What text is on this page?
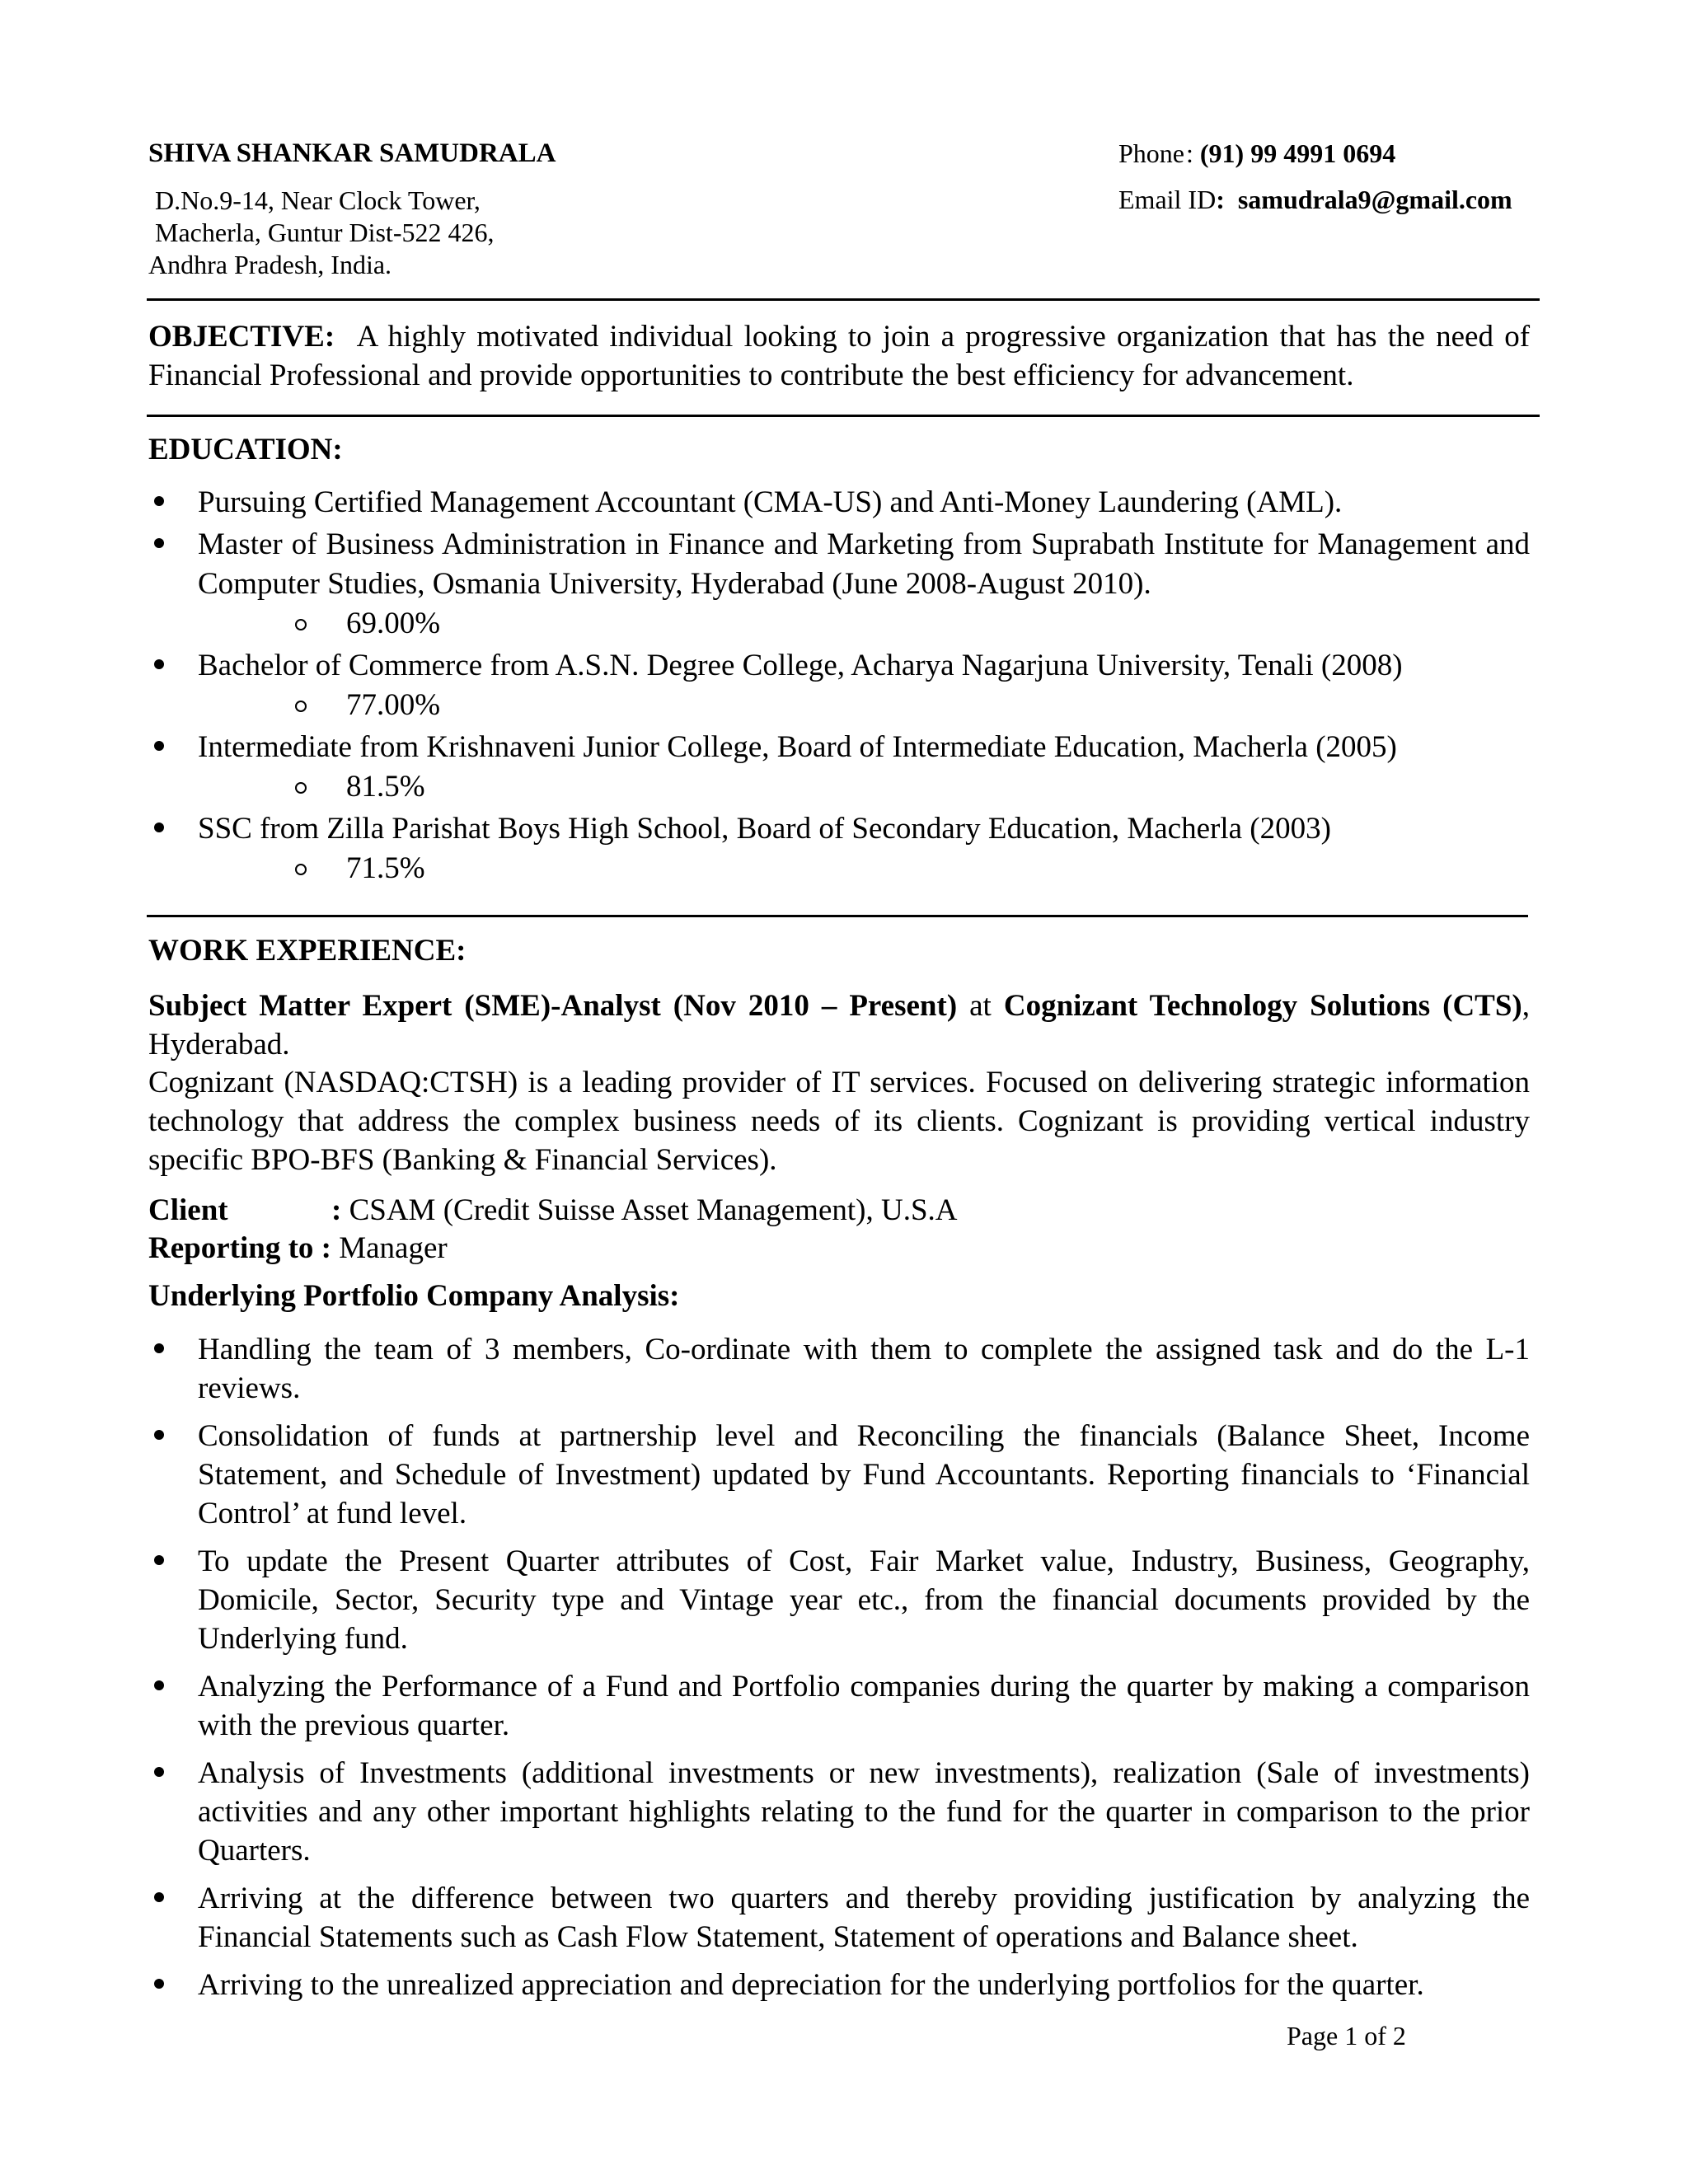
SHIVA SHANKAR SAMUDRALA
D.No.9-14, Near Clock Tower,
Macherla, Guntur Dist-522 426,
Andhra Pradesh, India.
Phone: (91) 99 4991 0694
Email ID: samudrala9@gmail.com

OBJECTIVE: A highly motivated individual looking to join a progressive organization that has the need of Financial Professional and provide opportunities to contribute the best efficiency for advancement.

EDUCATION:
Pursuing Certified Management Accountant (CMA-US) and Anti-Money Laundering (AML).
Master of Business Administration in Finance and Marketing from Suprabath Institute for Management and Computer Studies, Osmania University, Hyderabad (June 2008-August 2010).
69.00%
Bachelor of Commerce from A.S.N. Degree College, Acharya Nagarjuna University, Tenali (2008)
77.00%
Intermediate from Krishnaveni Junior College, Board of Intermediate Education, Macherla (2005)
81.5%
SSC from Zilla Parishat Boys High School, Board of Secondary Education, Macherla (2003)
71.5%
WORK EXPERIENCE:

Subject Matter Expert (SME)-Analyst (Nov 2010 – Present) at Cognizant Technology Solutions (CTS), Hyderabad.

Cognizant (NASDAQ:CTSH) is a leading provider of IT services. Focused on delivering strategic information technology that address the complex business needs of its clients. Cognizant is providing vertical industry specific BPO-BFS (Banking & Financial Services).

Client	: CSAM (Credit Suisse Asset Management), U.S.A
Reporting to : Manager
Underlying Portfolio Company Analysis:
Handling the team of 3 members, Co-ordinate with them to complete the assigned task and do the L-1 reviews.
Consolidation of funds at partnership level and Reconciling the financials (Balance Sheet, Income Statement, and Schedule of Investment) updated by Fund Accountants. Reporting financials to ‘Financial Control’ at fund level.
To update the Present Quarter attributes of Cost, Fair Market value, Industry, Business, Geography, Domicile, Sector, Security type and Vintage year etc., from the financial documents provided by the Underlying fund.
Analyzing the Performance of a Fund and Portfolio companies during the quarter by making a comparison with the previous quarter.
Analysis of Investments (additional investments or new investments), realization (Sale of investments) activities and any other important highlights relating to the fund for the quarter in comparison to the prior Quarters.
Arriving at the difference between two quarters and thereby providing justification by analyzing the Financial Statements such as Cash Flow Statement, Statement of operations and Balance sheet.
Arriving to the unrealized appreciation and depreciation for the underlying portfolios for the quarter.
Page 1 of 2
